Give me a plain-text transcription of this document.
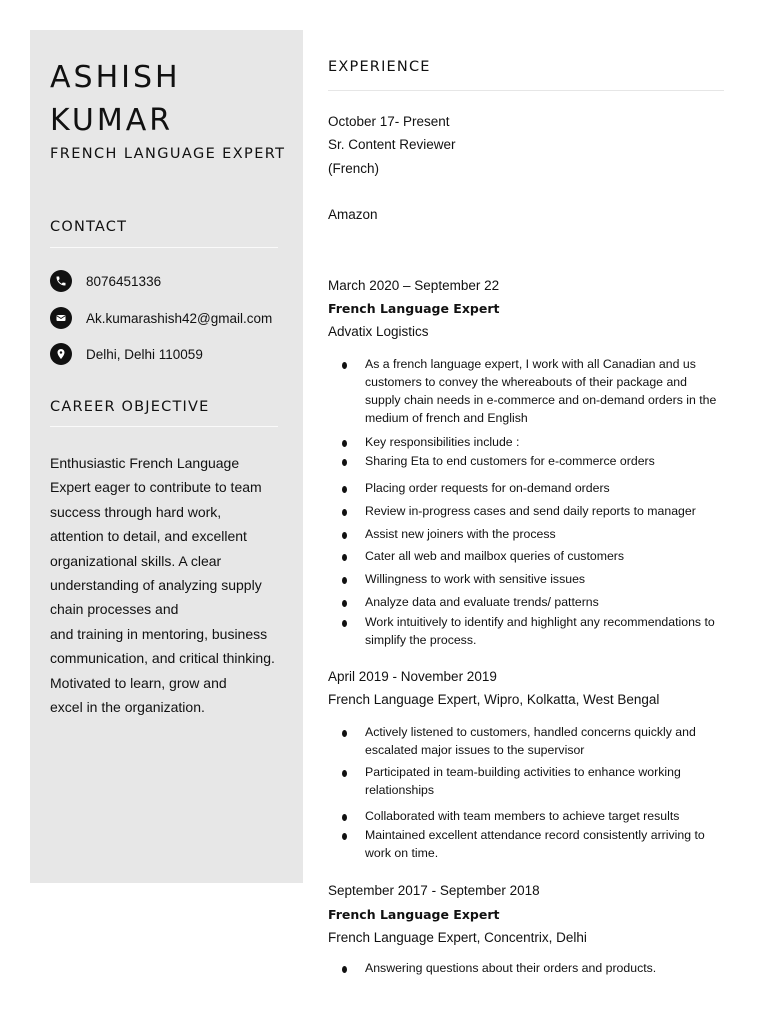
ASHISH
KUMAR
FRENCH LANGUAGE EXPERT
CONTACT
8076451336
Ak.kumarashish42@gmail.com
Delhi, Delhi 110059
CAREER OBJECTIVE

Enthusiastic French Language Expert eager to contribute to team

success through hard work, attention to detail, and excellent organizational skills. A clear understanding of analyzing supply chain processes and

and training in mentoring, business communication, and critical thinking. Motivated to learn, grow and

excel in the organization.

EXPERIENCE
October 17- Present
Sr. Content Reviewer
(French)
Amazon
March 2020 – September 22
French Language Expert
Advatix Logistics
As a french language expert, I work with all Canadian and us customers to convey the whereabouts of their package and supply chain needs in e-commerce and on-demand orders in the medium of french and English
Key responsibilities include :
Sharing Eta to end customers for e-commerce orders
Placing order requests for on-demand orders
Review in-progress cases and send daily reports to manager
Assist new joiners with the process
Cater all web and mailbox queries of customers
Willingness to work with sensitive issues
Analyze data and evaluate trends/ patterns
Work intuitively to identify and highlight any recommendations to simplify the process.
April 2019 - November 2019
French Language Expert, Wipro, Kolkatta, West Bengal
Actively listened to customers, handled concerns quickly and escalated major issues to the supervisor
Participated in team-building activities to enhance working relationships
Collaborated with team members to achieve target results
Maintained excellent attendance record consistently arriving to work on time.
September 2017 - September 2018
French Language Expert
French Language Expert, Concentrix, Delhi
Answering questions about their orders and products.
